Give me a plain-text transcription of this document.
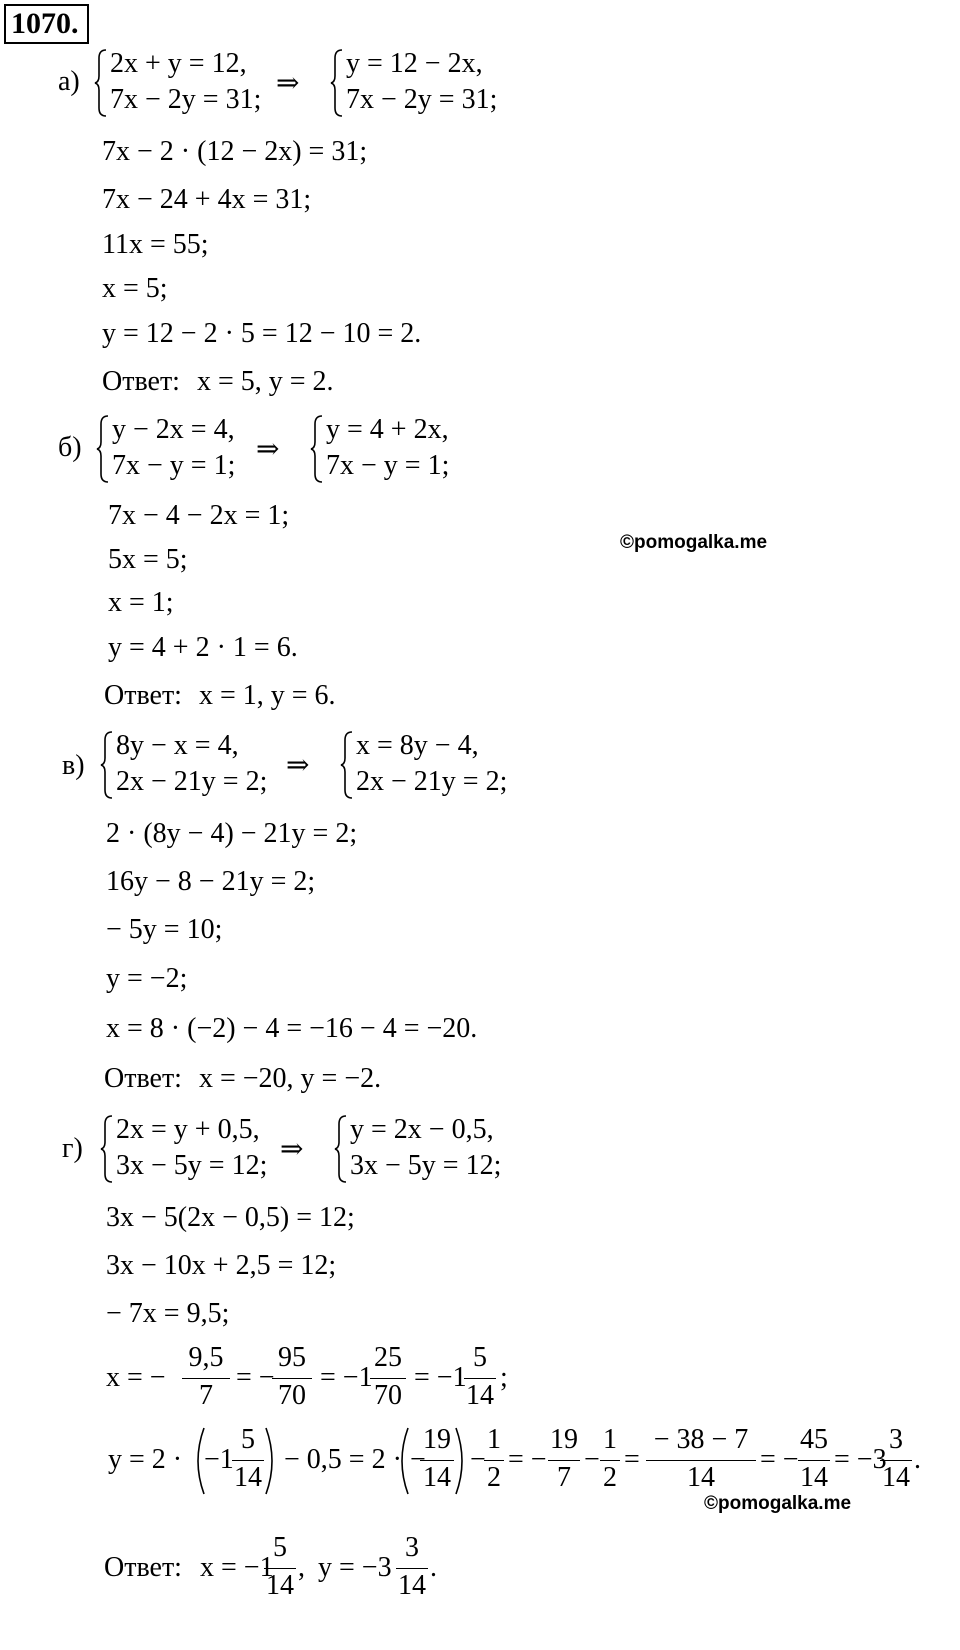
1070.
а)
2x + y = 12,
7x − 2y = 31;
⇒
y = 12 − 2x,
7x − 2y = 31;
7x − 2 · (12 − 2x) = 31;
7x − 24 + 4x = 31;
11x = 55;
x = 5;
y = 12 − 2 · 5 = 12 − 10 = 2.
Ответ: x = 5, y = 2.
б)
y − 2x = 4,
7x − y = 1;
⇒
y = 4 + 2x,
7x − y = 1;
7x − 4 − 2x = 1;
5x = 5;
x = 1;
y = 4 + 2 · 1 = 6.
©pomogalka.me
Ответ: x = 1, y = 6.
в)
8y − x = 4,
2x − 21y = 2;
⇒
x = 8y − 4,
2x − 21y = 2;
2 · (8y − 4) − 21y = 2;
16y − 8 − 21y = 2;
− 5y = 10;
y = −2;
x = 8 · (−2) − 4 = −16 − 4 = −20.
Ответ: x = −20, y = −2.
г)
2x = y + 0,5,
3x − 5y = 12;
⇒
y = 2x − 0,5,
3x − 5y = 12;
3x − 5(2x − 0,5) = 12;
3x − 10x + 2,5 = 12;
− 7x = 9,5;
x = −
9,5
7
= −
95
70
= −1
25
70
= −1
5
14
;
y = 2 · −1
5
14
− 0,5 = 2 · −
19
14
−
1
2
= −
19
7
−
1
2
=
− 38 − 7
14
= −
45
14
= −3
3
14
.
©pomogalka.me
Ответ: x = −1
5
14
, y = −3
3
14
.
